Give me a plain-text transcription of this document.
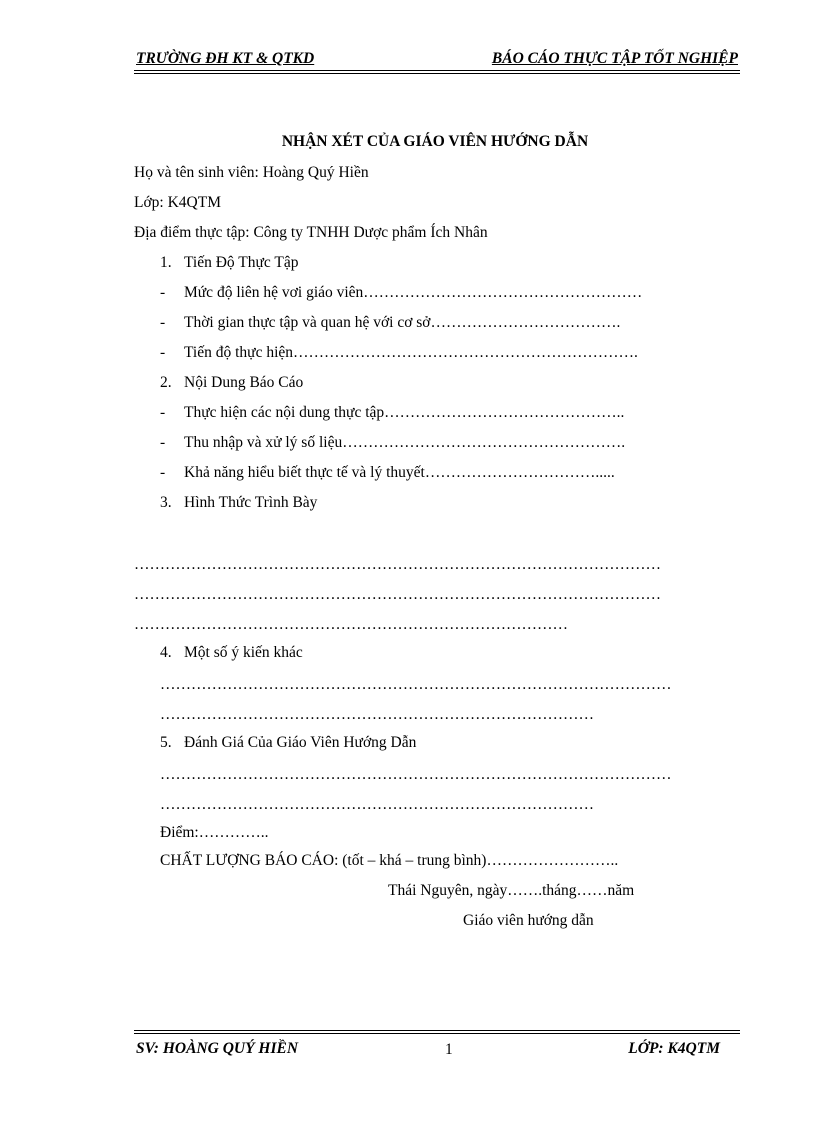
TRƯỜNG ĐH KT & QTKD	BÁO CÁO THỰC TẬP TỐT NGHIỆP
NHẬN XÉT CỦA GIÁO VIÊN HƯỚNG DẪN
Họ và tên sinh viên: Hoàng Quý Hiền
Lớp: K4QTM
Địa điểm thực tập: Công ty TNHH Dược phẩm Ích Nhân
1. Tiến Độ Thực Tập
- Mức độ liên hệ vơi giáo viên………………………………………………
- Thời gian thực tập và quan hệ với cơ sở……………………………….
- Tiến độ thực hiện………………………………………………………….
2. Nội Dung Báo Cáo
- Thực hiện các nội dung thực tập………………………………………..
- Thu nhập và xử lý số liệu……………………………………………….
- Khả năng hiểu biết thực tế và lý thuyết…………………………….....
3. Hình Thức Trình Bày
…………………………………………………………………………………………
…………………………………………………………………………………………
…………………………………………………………………………
4. Một số ý kiến khác
………………………………………………………………………………………
…………………………………………………………………………
5. Đánh Giá Của Giáo Viên Hướng Dẫn
………………………………………………………………………………………
…………………………………………………………………………
Điểm:…………..
CHẤT LƯỢNG BÁO CÁO: (tốt – khá – trung bình)……………………..
Thái Nguyên, ngày…….tháng……năm
Giáo viên hướng dẫn
SV: HOÀNG QUÝ HIỀN	1	LỚP: K4QTM
